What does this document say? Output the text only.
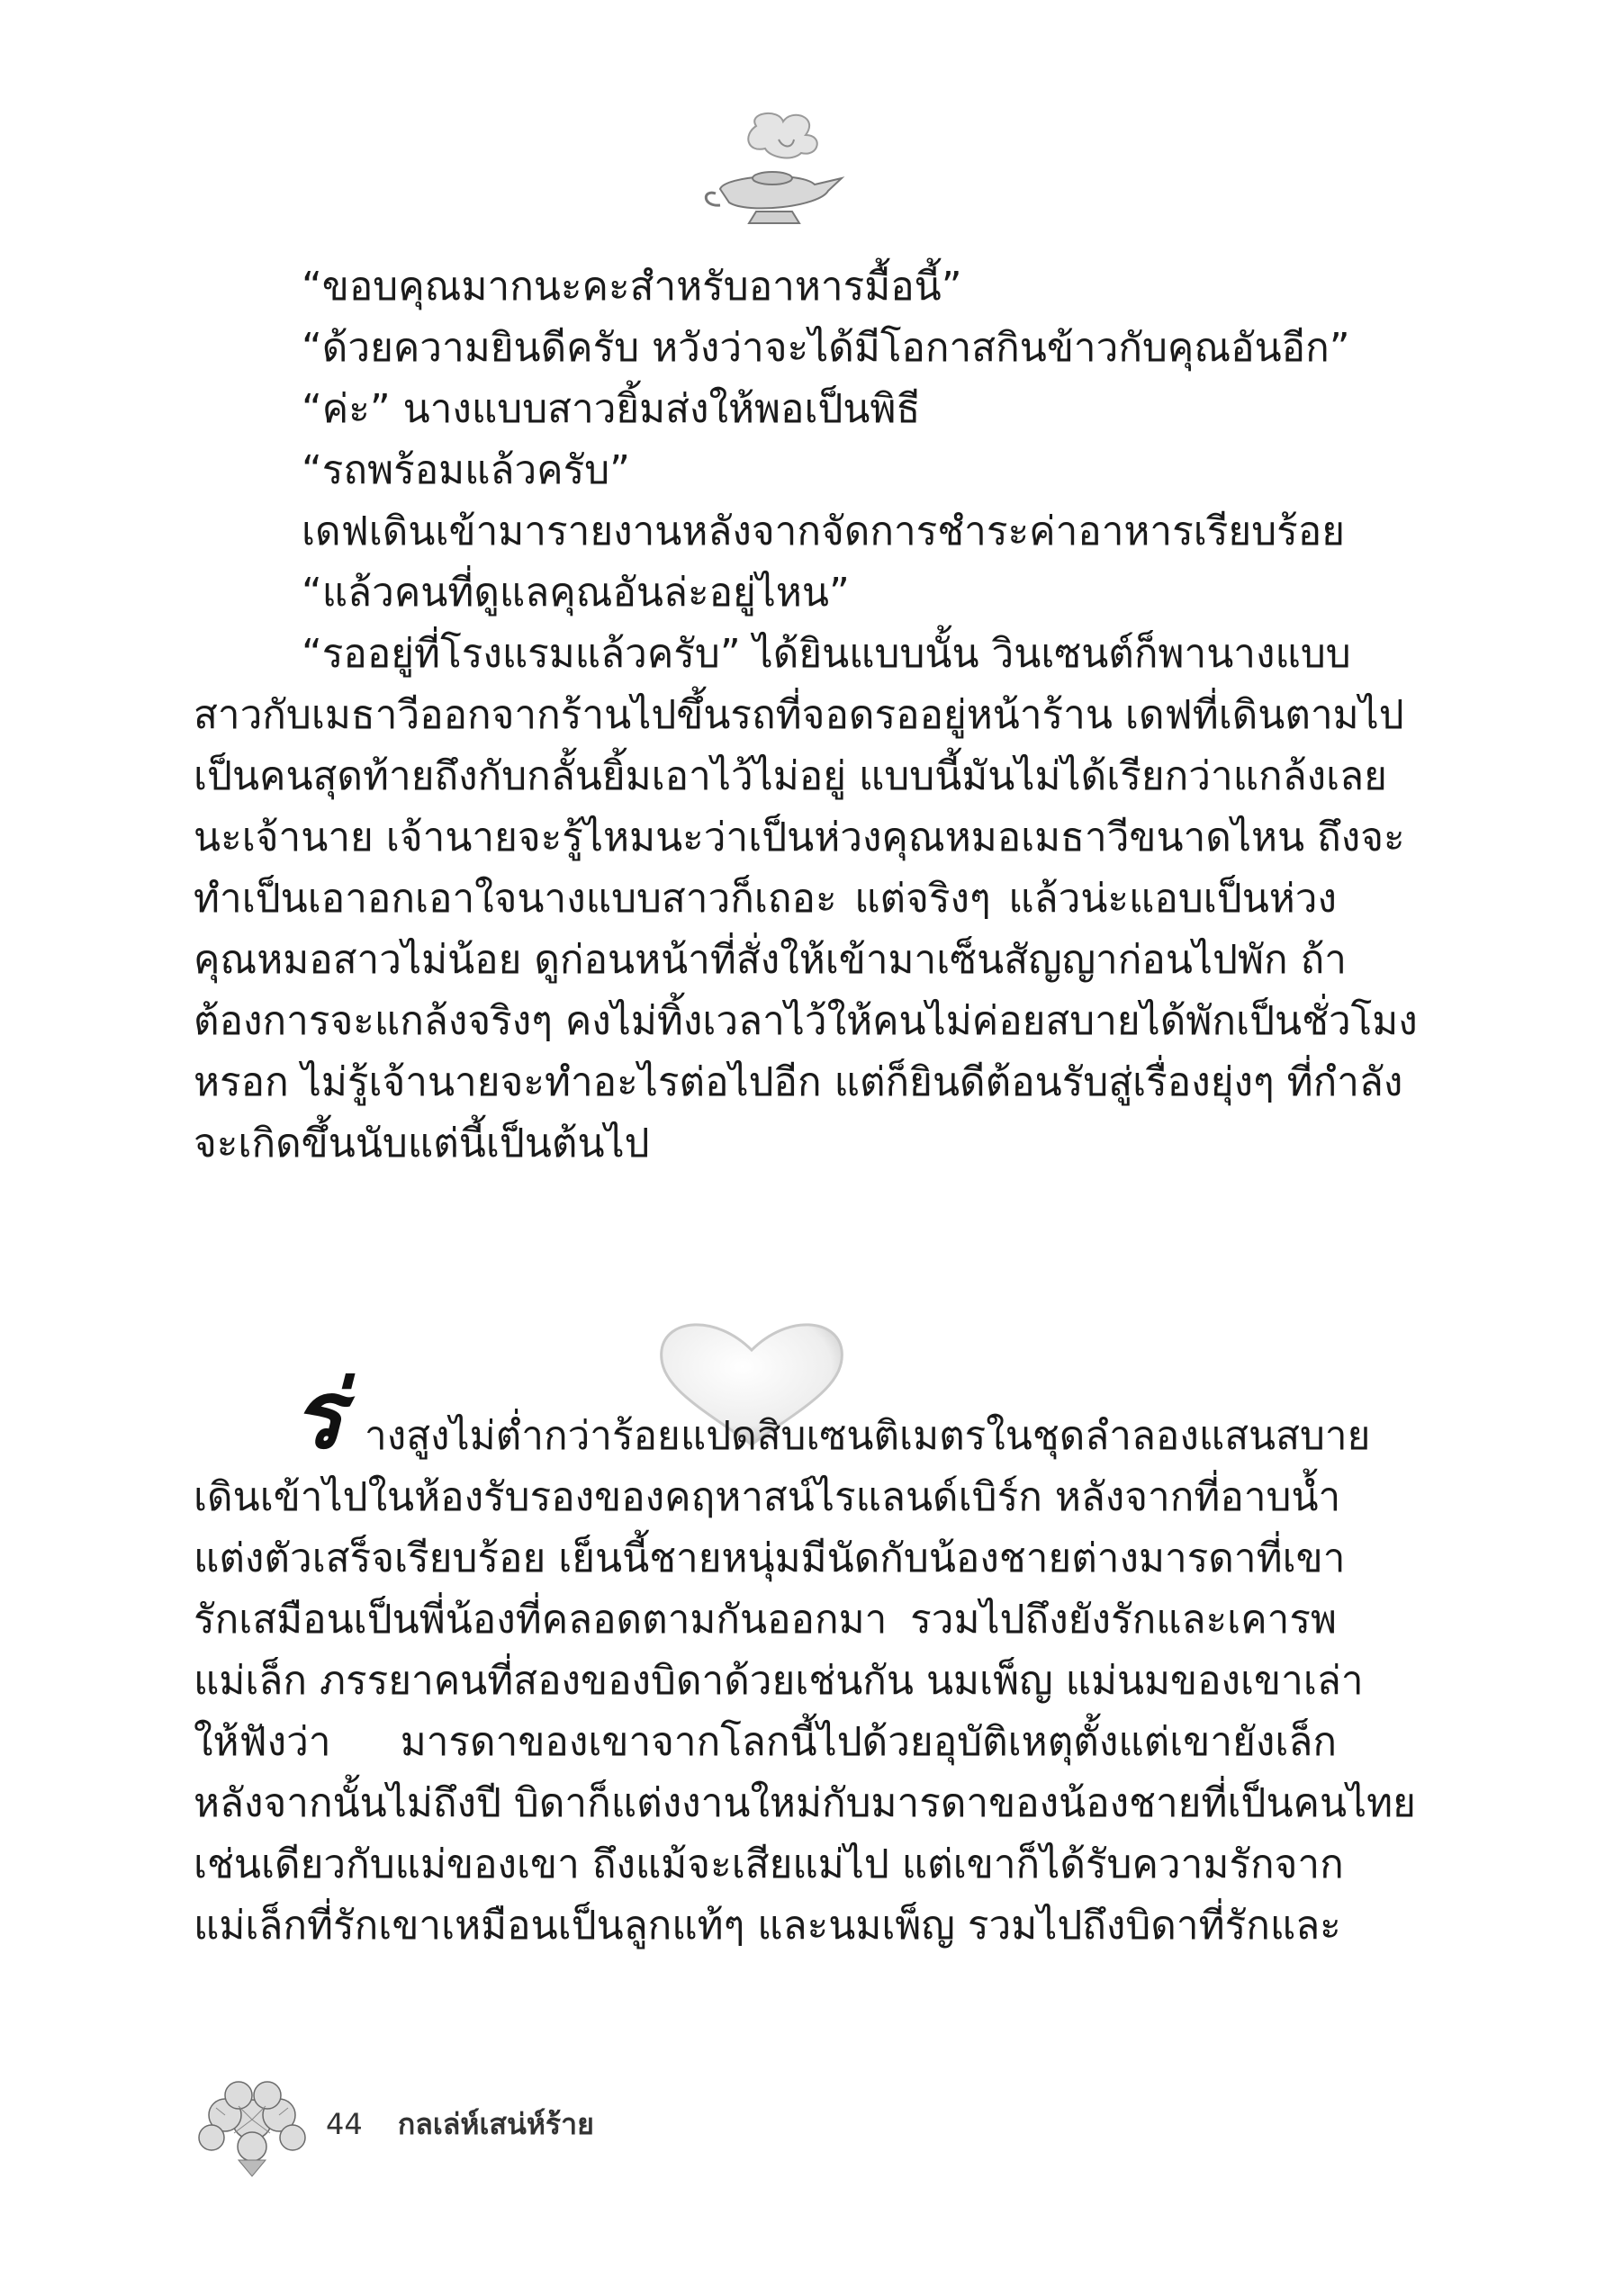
“ขอบคุณมากนะคะสำหรับอาหารมื้อนี้”
“ด้วยความยินดีครับ หวังว่าจะได้มีโอกาสกินข้าวกับคุณอันอีก”
“ค่ะ” นางแบบสาวยิ้มส่งให้พอเป็นพิธี
“รถพร้อมแล้วครับ”
เดฟเดินเข้ามารายงานหลังจากจัดการชำระค่าอาหารเรียบร้อย
“แล้วคนที่ดูแลคุณอันล่ะอยู่ไหน”
“รออยู่ที่โรงแรมแล้วครับ” ได้ยินแบบนั้น วินเซนต์ก็พานางแบบ
สาวกับเมธาวีออกจากร้านไปขึ้นรถที่จอดรออยู่หน้าร้าน เดฟที่เดินตามไป
เป็นคนสุดท้ายถึงกับกลั้นยิ้มเอาไว้ไม่อยู่ แบบนี้มันไม่ได้เรียกว่าแกล้งเลย
นะเจ้านาย เจ้านายจะรู้ไหมนะว่าเป็นห่วงคุณหมอเมธาวีขนาดไหน ถึงจะ
ทำเป็นเอาอกเอาใจนางแบบสาวก็เถอะ แต่จริงๆ แล้วน่ะแอบเป็นห่วง
คุณหมอสาวไม่น้อย ดูก่อนหน้าที่สั่งให้เข้ามาเซ็นสัญญาก่อนไปพัก ถ้า
ต้องการจะแกล้งจริงๆ คงไม่ทิ้งเวลาไว้ให้คนไม่ค่อยสบายได้พักเป็นชั่วโมง
หรอก ไม่รู้เจ้านายจะทำอะไรต่อไปอีก แต่ก็ยินดีต้อนรับสู่เรื่องยุ่งๆ ที่กำลัง
จะเกิดขึ้นนับแต่นี้เป็นต้นไป
ร่ างสูงไม่ต่ำกว่าร้อยแปดสิบเซนติเมตรในชุดลำลองแสนสบาย
เดินเข้าไปในห้องรับรองของคฤหาสน์ไรแลนด์เบิร์ก หลังจากที่อาบน้ำ
แต่งตัวเสร็จเรียบร้อย เย็นนี้ชายหนุ่มมีนัดกับน้องชายต่างมารดาที่เขา
รักเสมือนเป็นพี่น้องที่คลอดตามกันออกมา รวมไปถึงยังรักและเคารพ
แม่เล็ก ภรรยาคนที่สองของบิดาด้วยเช่นกัน นมเพ็ญ แม่นมของเขาเล่า
ให้ฟังว่า มารดาของเขาจากโลกนี้ไปด้วยอุบัติเหตุตั้งแต่เขายังเล็ก
หลังจากนั้นไม่ถึงปี บิดาก็แต่งงานใหม่กับมารดาของน้องชายที่เป็นคนไทย
เช่นเดียวกับแม่ของเขา ถึงแม้จะเสียแม่ไป แต่เขาก็ได้รับความรักจาก
แม่เล็กที่รักเขาเหมือนเป็นลูกแท้ๆ และนมเพ็ญ รวมไปถึงบิดาที่รักและ
44 กลเล่ห์เสน่ห์ร้าย
